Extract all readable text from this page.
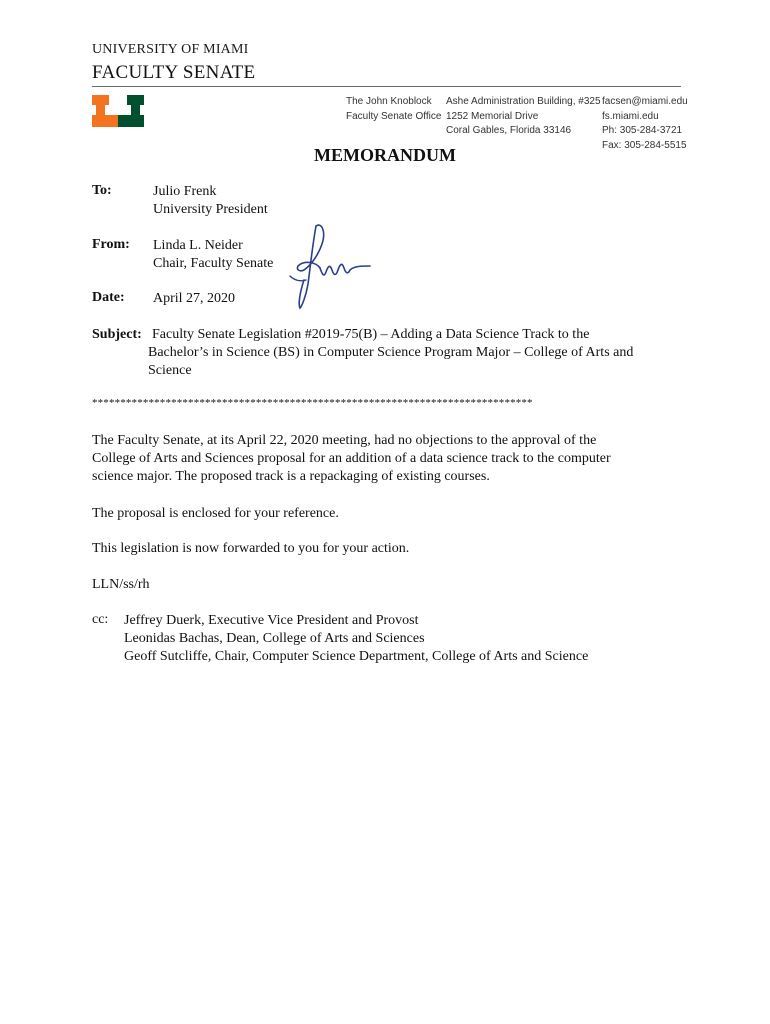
UNIVERSITY OF MIAMI
FACULTY SENATE
The John Knoblock
Faculty Senate Office
Ashe Administration Building, #325
1252 Memorial Drive
Coral Gables, Florida 33146
facsen@miami.edu
fs.miami.edu
Ph: 305-284-3721
Fax: 305-284-5515
MEMORANDUM
To:	Julio Frenk
University President
From: Linda L. Neider
Chair, Faculty Senate
Date: April 27, 2020
Subject: Faculty Senate Legislation #2019-75(B) – Adding a Data Science Track to the
Bachelor’s in Science (BS) in Computer Science Program Major – College of Arts and
Science
******************************************************************************
The Faculty Senate, at its April 22, 2020 meeting, had no objections to the approval of the
College of Arts and Sciences proposal for an addition of a data science track to the computer
science major. The proposed track is a repackaging of existing courses.
The proposal is enclosed for your reference.
This legislation is now forwarded to you for your action.
LLN/ss/rh
cc: Jeffrey Duerk, Executive Vice President and Provost
Leonidas Bachas, Dean, College of Arts and Sciences
Geoff Sutcliffe, Chair, Computer Science Department, College of Arts and Science
